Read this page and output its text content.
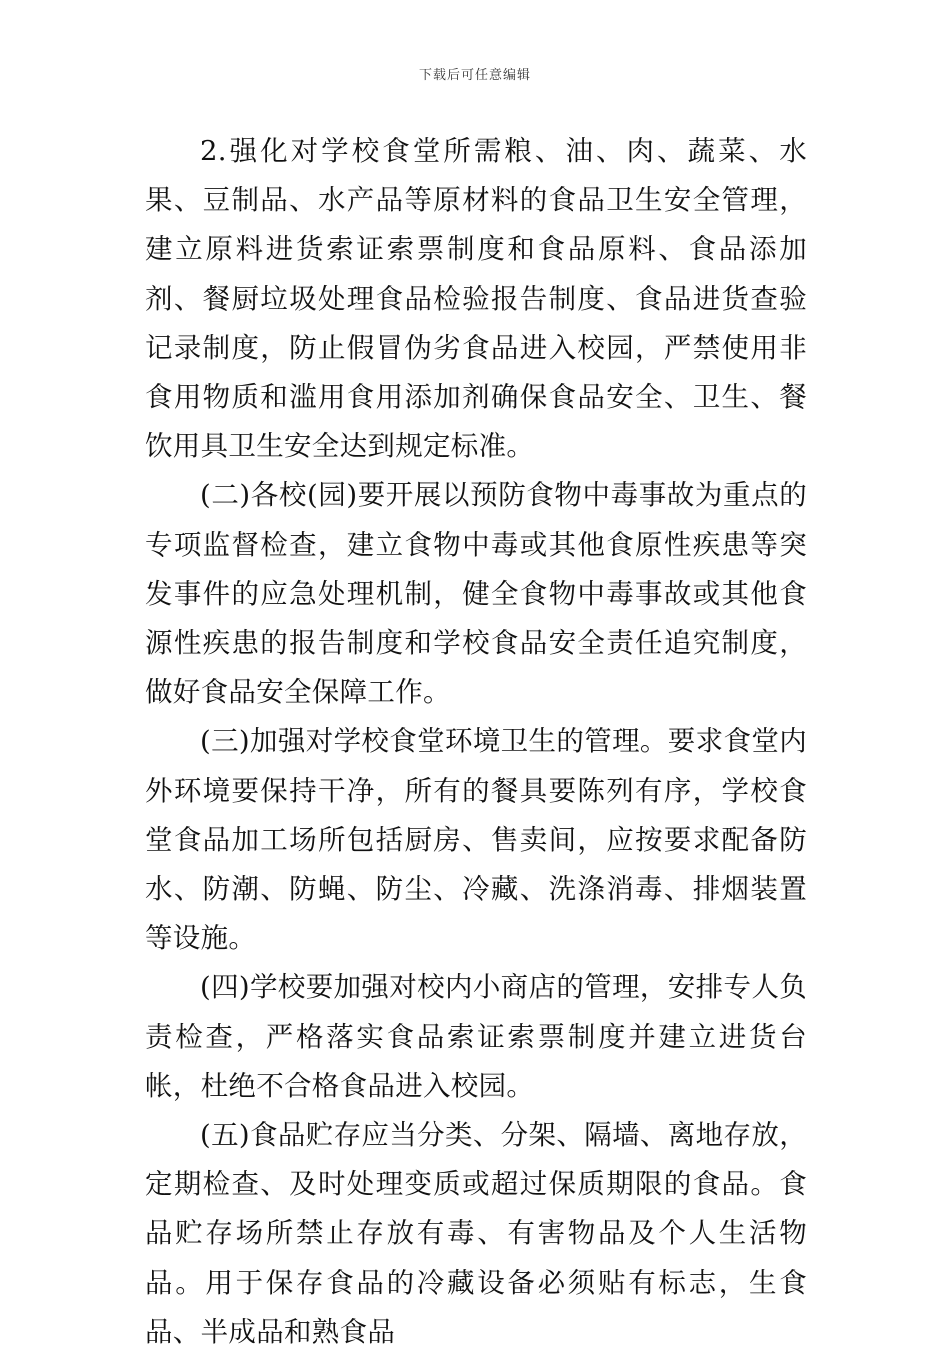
下载后可任意编辑

2.强化对学校食堂所需粮、油、肉、蔬菜、水果、豆制品、水产品等原材料的食品卫生安全管理，建立原料进货索证索票制度和食品原料、食品添加剂、餐厨垃圾处理食品检验报告制度、食品进货查验记录制度，防止假冒伪劣食品进入校园，严禁使用非食用物质和滥用食用添加剂确保食品安全、卫生、餐饮用具卫生安全达到规定标准。

(二)各校(园)要开展以预防食物中毒事故为重点的专项监督检查，建立食物中毒或其他食原性疾患等突发事件的应急处理机制，健全食物中毒事故或其他食源性疾患的报告制度和学校食品安全责任追究制度，做好食品安全保障工作。

(三)加强对学校食堂环境卫生的管理。要求食堂内外环境要保持干净，所有的餐具要陈列有序，学校食堂食品加工场所包括厨房、售卖间，应按要求配备防水、防潮、防蝇、防尘、冷藏、洗涤消毒、排烟装置等设施。

(四)学校要加强对校内小商店的管理，安排专人负责检查，严格落实食品索证索票制度并建立进货台帐，杜绝不合格食品进入校园。

(五)食品贮存应当分类、分架、隔墙、离地存放，定期检查、及时处理变质或超过保质期限的食品。食品贮存场所禁止存放有毒、有害物品及个人生活物品。用于保存食品的冷藏设备必须贴有标志，生食品、半成品和熟食品
